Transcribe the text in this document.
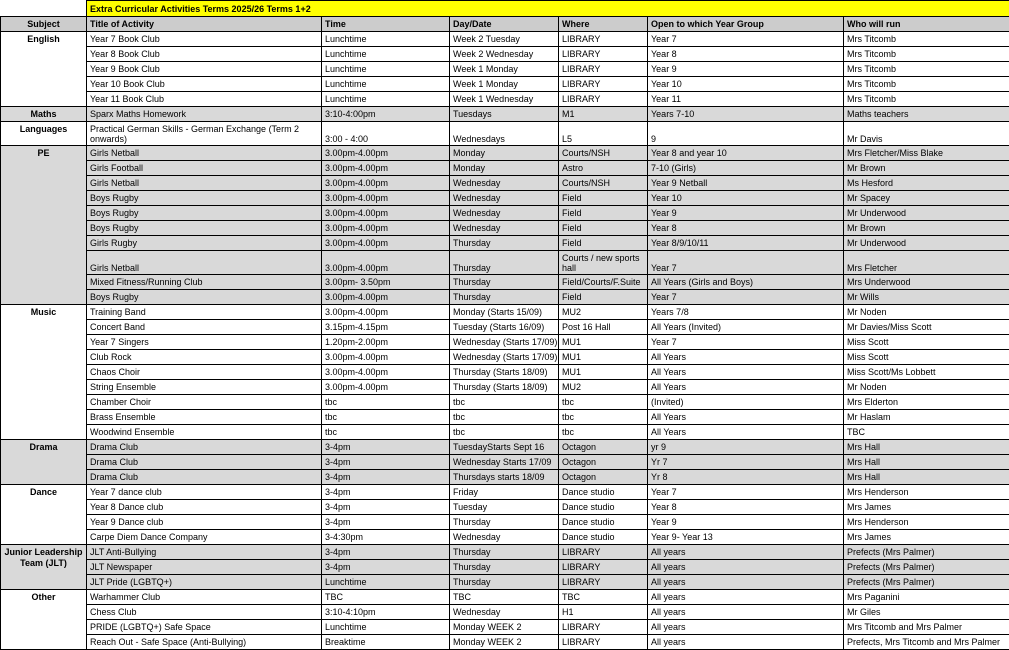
	Extra Curricular Activities Terms 2025/26 Terms 1+2					
Subject	Title of Activity	Time	Day/Date	Where	Open to which Year Group	Who will run
English	Year 7 Book Club	Lunchtime	Week 2 Tuesday	LIBRARY	Year 7	Mrs Titcomb
	Year 8 Book Club	Lunchtime	Week 2 Wednesday	LIBRARY	Year 8	Mrs Titcomb
	Year 9 Book Club	Lunchtime	Week 1 Monday	LIBRARY	Year 9	Mrs Titcomb
	Year 10 Book Club	Lunchtime	Week 1 Monday	LIBRARY	Year 10	Mrs Titcomb
	Year 11 Book Club	Lunchtime	Week 1 Wednesday	LIBRARY	Year 11	Mrs Titcomb
Maths	Sparx Maths Homework	3:10-4:00pm	Tuesdays	M1	Years 7-10	Maths teachers
Languages	Practical German Skills - German Exchange (Term 2 onwards)	3:00 - 4:00	Wednesdays	L5	9	Mr Davis
PE	Girls Netball	3.00pm-4.00pm	Monday	Courts/NSH	Year 8 and year 10	Mrs Fletcher/Miss Blake
	Girls Football	3.00pm-4.00pm	Monday	Astro	7-10 (Girls)	Mr Brown
	Girls Netball	3.00pm-4.00pm	Wednesday	Courts/NSH	Year 9 Netball	Ms Hesford
	Boys Rugby	3.00pm-4.00pm	Wednesday	Field	Year 10	Mr Spacey
	Boys Rugby	3.00pm-4.00pm	Wednesday	Field	Year 9	Mr Underwood
	Boys Rugby	3.00pm-4.00pm	Wednesday	Field	Year 8	Mr Brown
	Girls Rugby	3.00pm-4.00pm	Thursday	Field	Year 8/9/10/11	Mr Underwood
	Girls Netball	3.00pm-4.00pm	Thursday	Courts / new sports hall	Year 7	Mrs Fletcher
	Mixed Fitness/Running Club	3.00pm- 3.50pm	Thursday	Field/Courts/F.Suite	All Years (Girls and Boys)	Mrs Underwood
	Boys Rugby	3.00pm-4.00pm	Thursday	Field	Year 7	Mr Wills
Music	Training Band	3.00pm-4.00pm	Monday (Starts 15/09)	MU2	Years 7/8	Mr Noden
	Concert Band	3.15pm-4.15pm	Tuesday (Starts 16/09)	Post 16 Hall	All Years (Invited)	Mr Davies/Miss Scott
	Year 7 Singers	1.20pm-2.00pm	Wednesday (Starts 17/09)	MU1	Year 7	Miss Scott
	Club Rock	3.00pm-4.00pm	Wednesday (Starts 17/09)	MU1	All Years	Miss Scott
	Chaos Choir	3.00pm-4.00pm	Thursday (Starts 18/09)	MU1	All Years	Miss Scott/Ms Lobbett
	String Ensemble	3.00pm-4.00pm	Thursday (Starts 18/09)	MU2	All Years	Mr Noden
	Chamber Choir	tbc	tbc	tbc	(Invited)	Mrs Elderton
	Brass Ensemble	tbc	tbc	tbc	All Years	Mr Haslam
	Woodwind Ensemble	tbc	tbc	tbc	All Years	TBC
Drama	Drama Club	3-4pm	TuesdayStarts Sept 16	Octagon	yr 9	Mrs Hall
	Drama Club	3-4pm	Wednesday Starts 17/09	Octagon	Yr 7	Mrs Hall
	Drama Club	3-4pm	Thursdays starts 18/09	Octagon	Yr 8	Mrs Hall
Dance	Year 7 dance club	3-4pm	Friday	Dance studio	Year 7	Mrs Henderson
	Year 8 Dance club	3-4pm	Tuesday	Dance studio	Year 8	Mrs James
	Year 9 Dance club	3-4pm	Thursday	Dance studio	Year 9	Mrs Henderson
	Carpe Diem Dance Company	3-4:30pm	Wednesday	Dance studio	Year 9- Year 13	Mrs James
Junior Leadership Team (JLT)	JLT Anti-Bullying	3-4pm	Thursday	LIBRARY	All years	Prefects (Mrs Palmer)
	JLT Newspaper	3-4pm	Thursday	LIBRARY	All years	Prefects (Mrs Palmer)
	JLT Pride (LGBTQ+)	Lunchtime	Thursday	LIBRARY	All years	Prefects (Mrs Palmer)
Other	Warhammer Club	TBC	TBC	TBC	All years	Mrs Paganini
	Chess Club	3:10-4:10pm	Wednesday	H1	All years	Mr Giles
	PRIDE (LGBTQ+) Safe Space	Lunchtime	Monday WEEK 2	LIBRARY	All years	Mrs Titcomb and Mrs Palmer
	Reach Out - Safe Space (Anti-Bullying)	Breaktime	Monday WEEK 2	LIBRARY	All years	Prefects, Mrs Titcomb and Mrs Palmer
